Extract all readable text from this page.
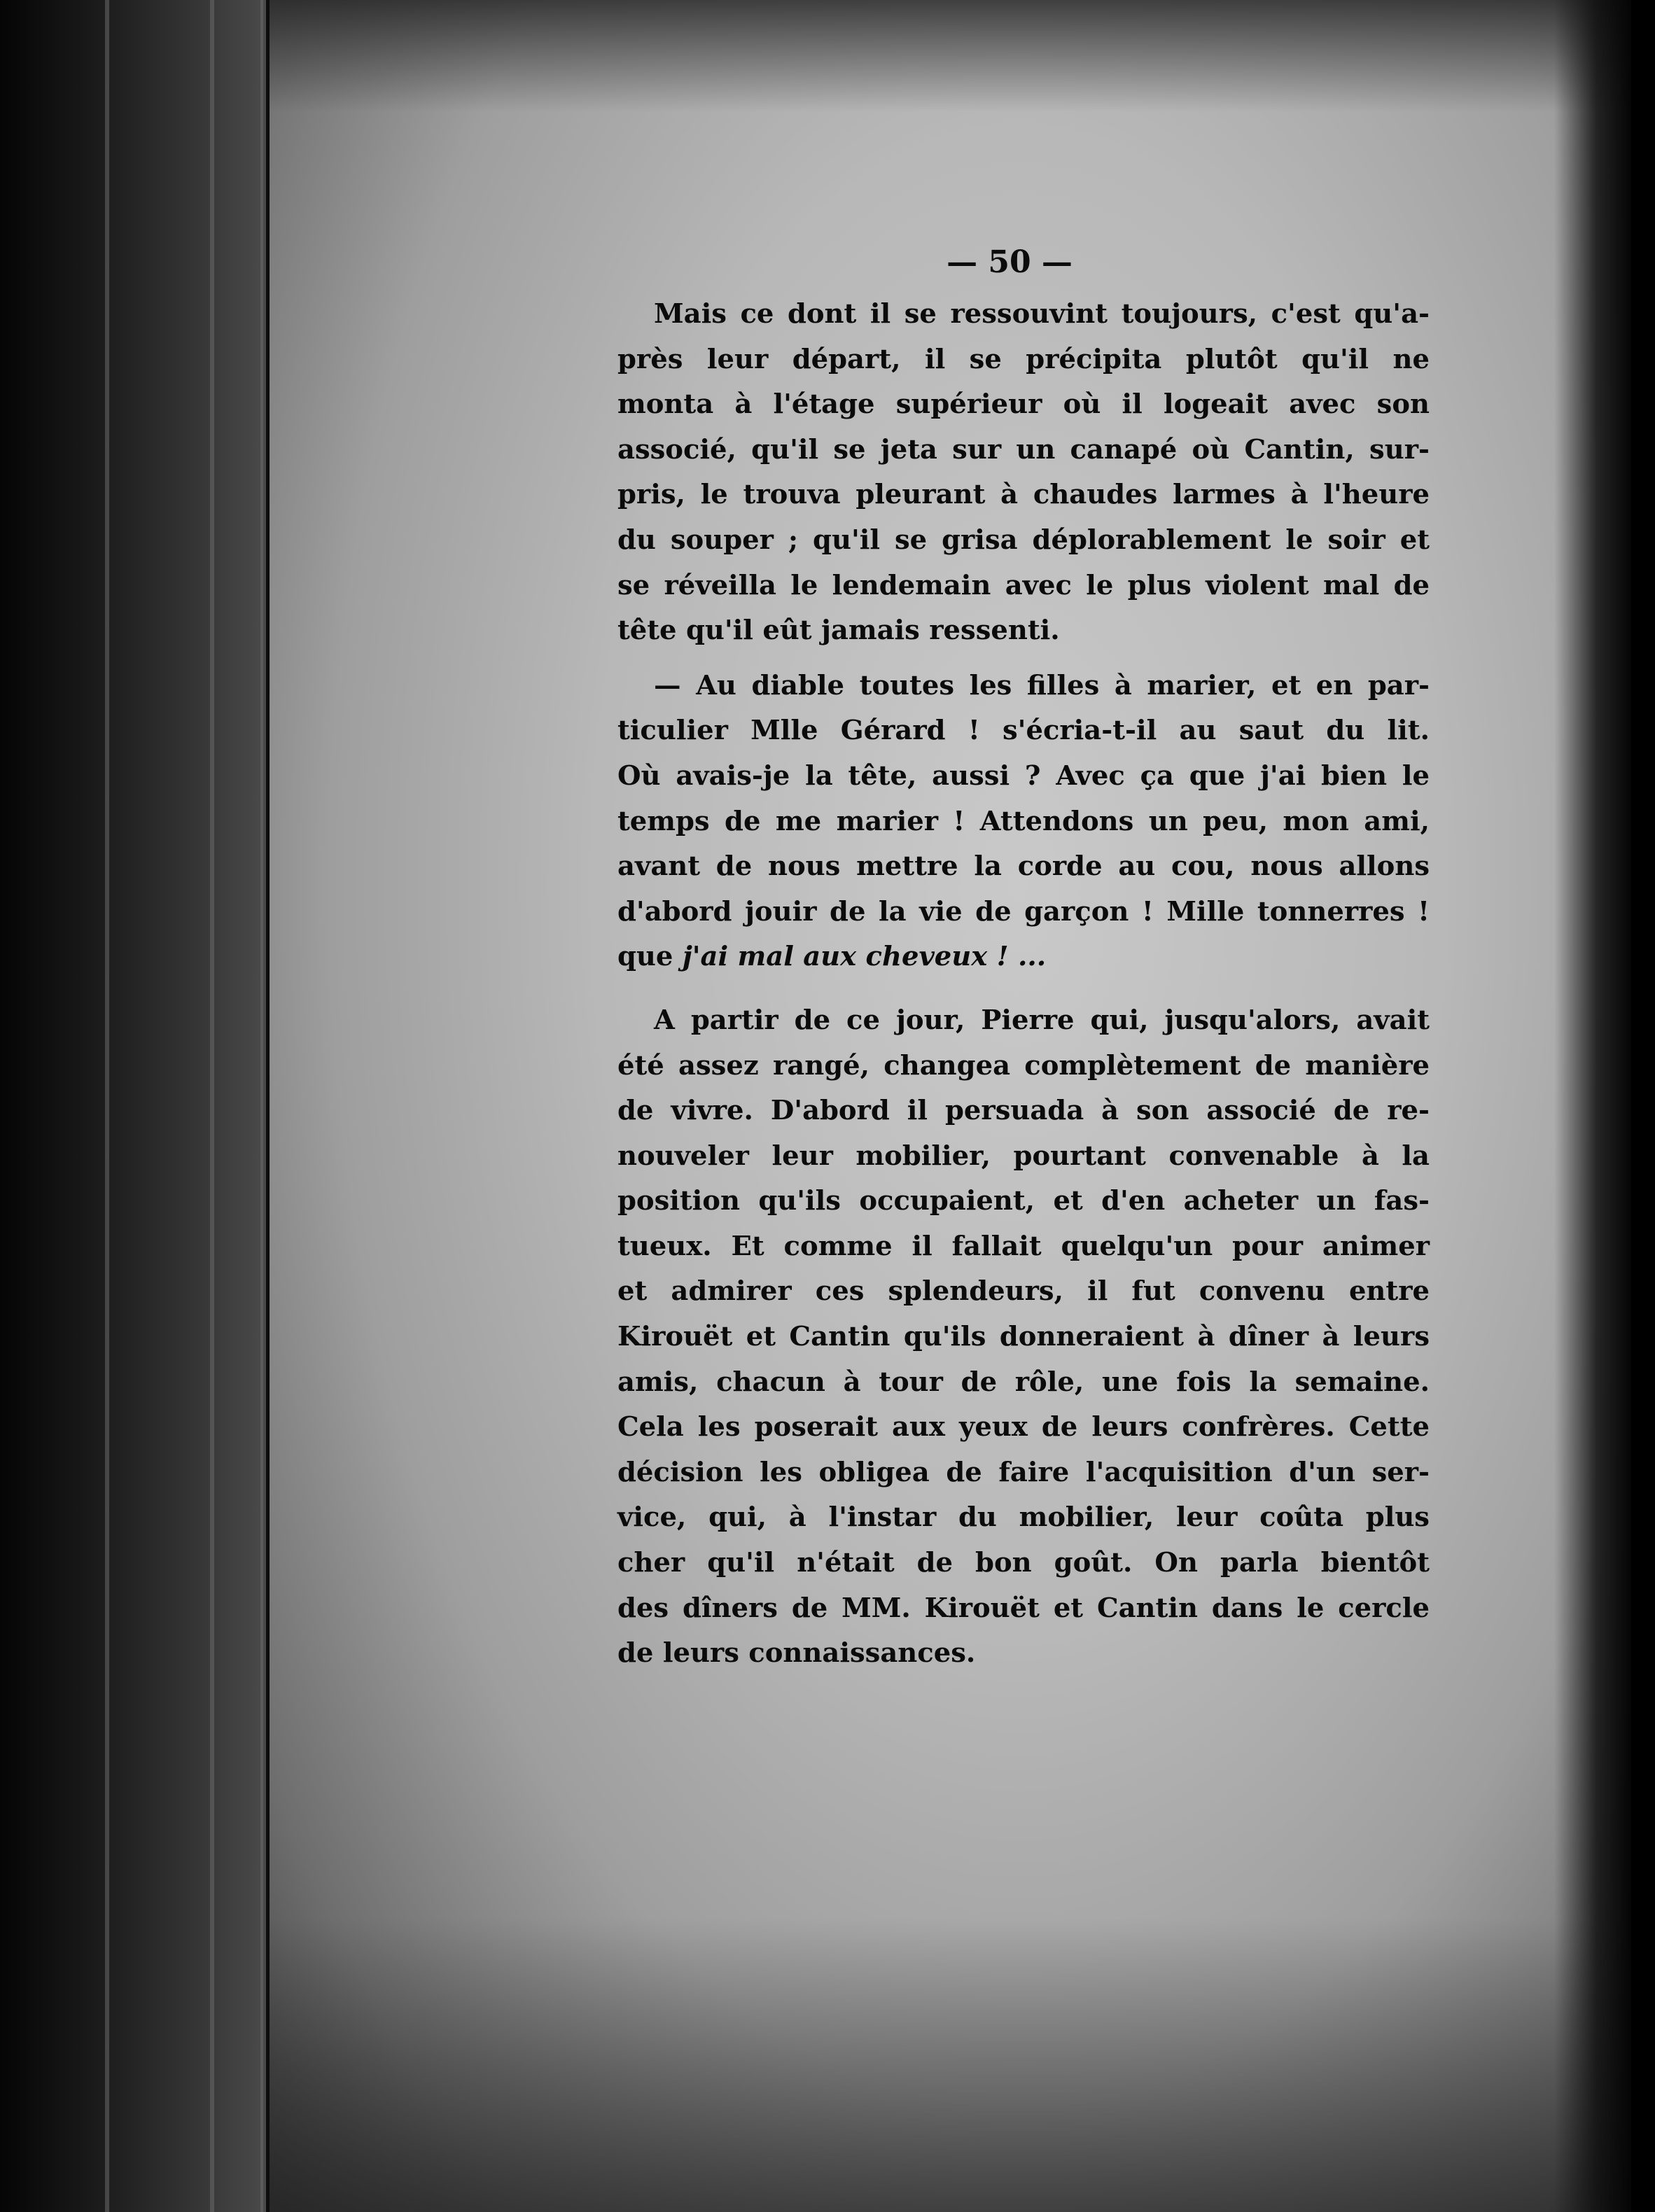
— 50 —
Mais ce dont il se ressouvint toujours, c'est qu'a-
près leur départ, il se précipita plutôt qu'il ne
monta à l'étage supérieur où il logeait avec son
associé, qu'il se jeta sur un canapé où Cantin, sur-
pris, le trouva pleurant à chaudes larmes à l'heure
du souper ; qu'il se grisa déplorablement le soir et
se réveilla le lendemain avec le plus violent mal de
tête qu'il eût jamais ressenti.
— Au diable toutes les filles à marier, et en par-
ticulier Mlle Gérard ! s'écria-t-il au saut du lit.
Où avais-je la tête, aussi ? Avec ça que j'ai bien le
temps de me marier ! Attendons un peu, mon ami,
avant de nous mettre la corde au cou, nous allons
d'abord jouir de la vie de garçon ! Mille tonnerres !
que j'ai mal aux cheveux ! ...
A partir de ce jour, Pierre qui, jusqu'alors, avait
été assez rangé, changea complètement de manière
de vivre. D'abord il persuada à son associé de re-
nouveler leur mobilier, pourtant convenable à la
position qu'ils occupaient, et d'en acheter un fas-
tueux. Et comme il fallait quelqu'un pour animer
et admirer ces splendeurs, il fut convenu entre
Kirouët et Cantin qu'ils donneraient à dîner à leurs
amis, chacun à tour de rôle, une fois la semaine.
Cela les poserait aux yeux de leurs confrères. Cette
décision les obligea de faire l'acquisition d'un ser-
vice, qui, à l'instar du mobilier, leur coûta plus
cher qu'il n'était de bon goût. On parla bientôt
des dîners de MM. Kirouët et Cantin dans le cercle
de leurs connaissances.
